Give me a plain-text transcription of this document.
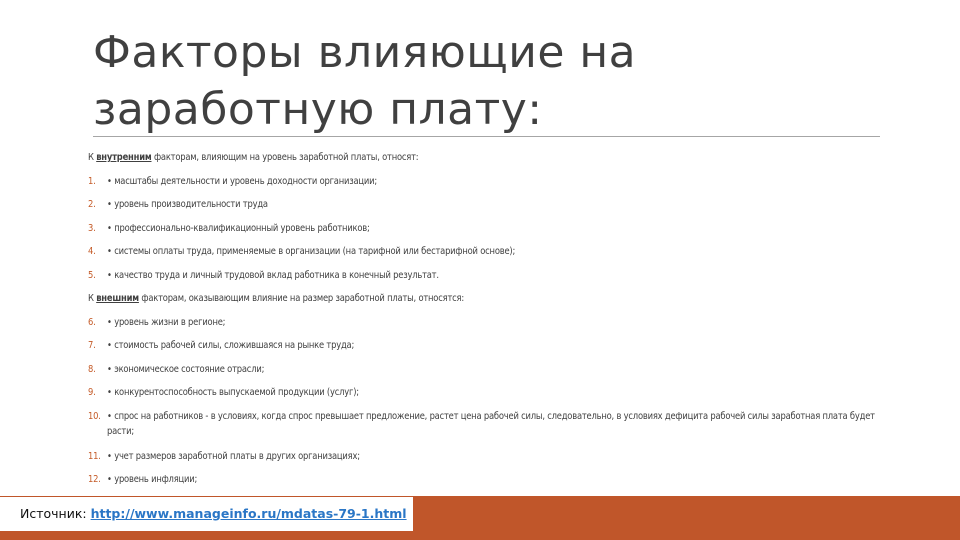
Факторы влияющие на
заработную плату:
К внутренним факторам, влияющим на уровень заработной платы, относят:
1.	• масштабы деятельности и уровень доходности организации;
2.	• уровень производительности труда
3.	• профессионально-квалификационный уровень работников;
4.	• системы оплаты труда, применяемые в организации (на тарифной или бестарифной основе);
5.	• качество труда и личный трудовой вклад работника в конечный результат.
К внешним факторам, оказывающим влияние на размер заработной платы, относятся:
6.	• уровень жизни в регионе;
7.	• стоимость рабочей силы, сложившаяся на рынке труда;
8.	• экономическое состояние отрасли;
9.	• конкурентоспособность выпускаемой продукции (услуг);
10. • спрос на работников - в условиях, когда спрос превышает предложение, растет цена рабочей силы, следовательно, в условиях дефицита рабочей силы заработная плата будет расти;
11. • учет размеров заработной платы в других организациях;
12. • уровень инфляции;
Источник: http://www.manageinfo.ru/mdatas-79-1.html
